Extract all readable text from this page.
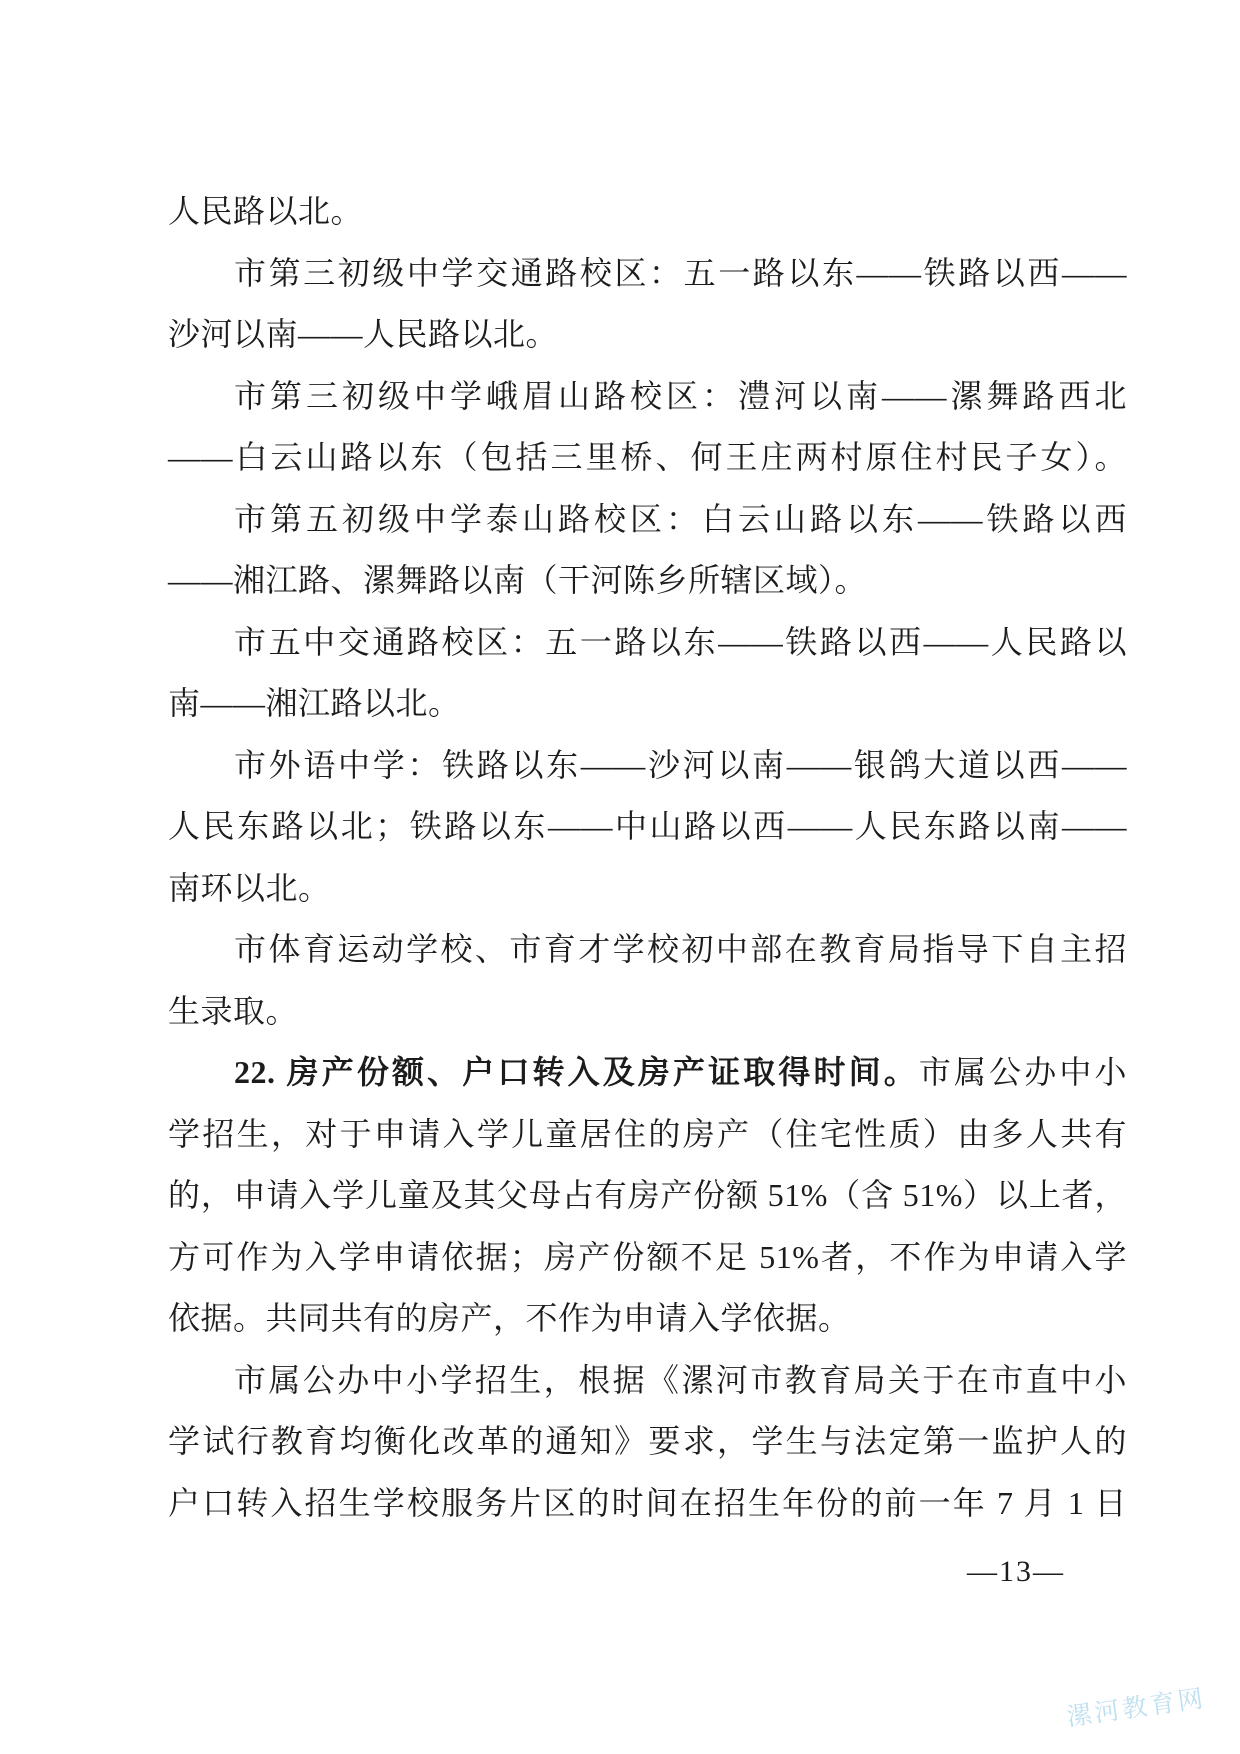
人民路以北。
市第三初级中学交通路校区：五一路以东——铁路以西——
沙河以南——人民路以北。
市第三初级中学峨眉山路校区：澧河以南——漯舞路西北
——白云山路以东（包括三里桥、何王庄两村原住村民子女）。
市第五初级中学泰山路校区：白云山路以东——铁路以西
——湘江路、漯舞路以南（干河陈乡所辖区域）。
市五中交通路校区：五一路以东——铁路以西——人民路以
南——湘江路以北。
市外语中学：铁路以东——沙河以南——银鸽大道以西——
人民东路以北；铁路以东——中山路以西——人民东路以南——
南环以北。
市体育运动学校、市育才学校初中部在教育局指导下自主招
生录取。
22. 房产份额、户口转入及房产证取得时间。市属公办中小
学招生，对于申请入学儿童居住的房产（住宅性质）由多人共有
的，申请入学儿童及其父母占有房产份额 51%（含 51%）以上者，
方可作为入学申请依据；房产份额不足 51%者，不作为申请入学
依据。共同共有的房产，不作为申请入学依据。
市属公办中小学招生，根据《漯河市教育局关于在市直中小
学试行教育均衡化改革的通知》要求，学生与法定第一监护人的
户口转入招生学校服务片区的时间在招生年份的前一年 7 月 1 日
—13—
漯河教育网
